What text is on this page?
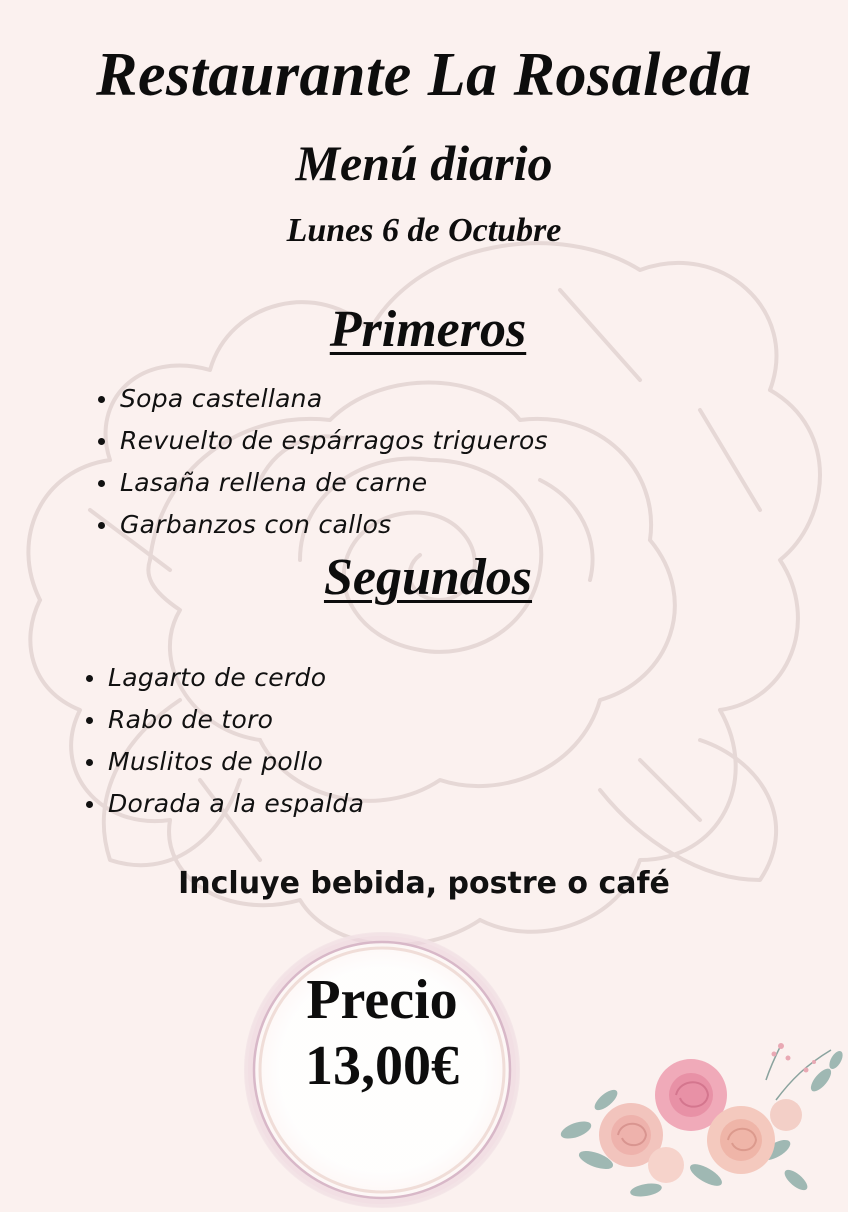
Restaurante La Rosaleda
Menú diario
Lunes 6 de Octubre
Primeros
Sopa castellana
Revuelto de espárragos trigueros
Lasaña rellena de carne
Garbanzos con callos
Segundos
Lagarto de cerdo
Rabo de toro
Muslitos de pollo
Dorada a la espalda
Incluye bebida, postre o café
Precio
13,00€
